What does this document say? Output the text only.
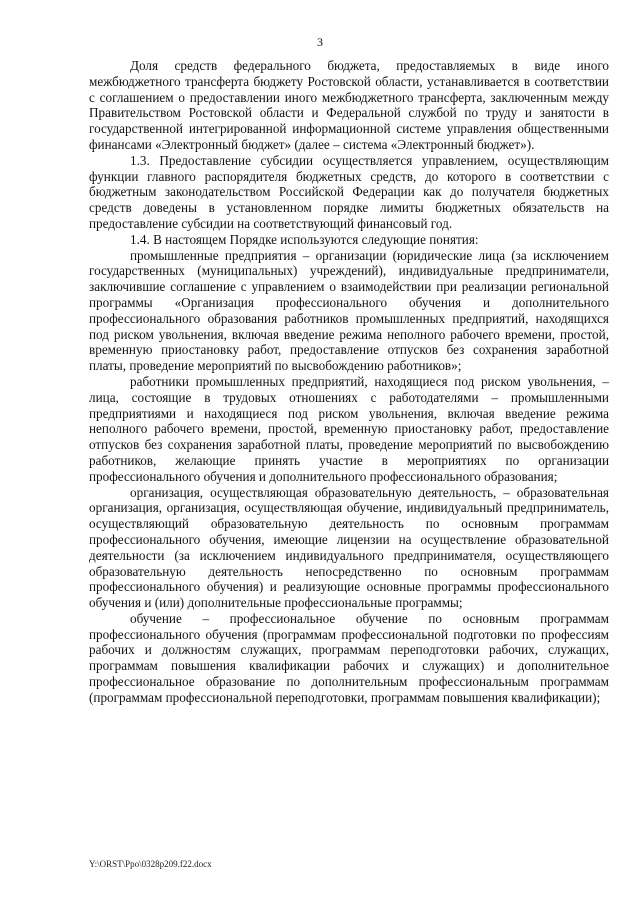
3

Доля средств федерального бюджета, предоставляемых в виде иного межбюджетного трансферта бюджету Ростовской области, устанавливается в соответствии с соглашением о предоставлении иного межбюджетного трансферта, заключенным между Правительством Ростовской области и Федеральной службой по труду и занятости в государственной интегрированной информационной системе управления общественными финансами «Электронный бюджет» (далее – система «Электронный бюджет»).

1.3. Предоставление субсидии осуществляется управлением, осуществляющим функции главного распорядителя бюджетных средств, до которого в соответствии с бюджетным законодательством Российской Федерации как до получателя бюджетных средств доведены в установленном порядке лимиты бюджетных обязательств на предоставление субсидии на соответствующий финансовый год.

1.4. В настоящем Порядке используются следующие понятия:

промышленные предприятия – организации (юридические лица (за исключением государственных (муниципальных) учреждений), индивидуальные предприниматели, заключившие соглашение с управлением о взаимодействии при реализации региональной программы «Организация профессионального обучения и дополнительного профессионального образования работников промышленных предприятий, находящихся под риском увольнения, включая введение режима неполного рабочего времени, простой, временную приостановку работ, предоставление отпусков без сохранения заработной платы, проведение мероприятий по высвобождению работников»;

работники промышленных предприятий, находящиеся под риском увольнения, – лица, состоящие в трудовых отношениях с работодателями – промышленными предприятиями и находящиеся под риском увольнения, включая введение режима неполного рабочего времени, простой, временную приостановку работ, предоставление отпусков без сохранения заработной платы, проведение мероприятий по высвобождению работников, желающие принять участие в мероприятиях по организации профессионального обучения и дополнительного профессионального образования;

организация, осуществляющая образовательную деятельность, – образовательная организация, организация, осуществляющая обучение, индивидуальный предприниматель, осуществляющий образовательную деятельность по основным программам профессионального обучения, имеющие лицензии на осуществление образовательной деятельности (за исключением индивидуального предпринимателя, осуществляющего образовательную деятельность непосредственно по основным программам профессионального обучения) и реализующие основные программы профессионального обучения и (или) дополнительные профессиональные программы;

обучение – профессиональное обучение по основным программам профессионального обучения (программам профессиональной подготовки по профессиям рабочих и должностям служащих, программам переподготовки рабочих, служащих, программам повышения квалификации рабочих и служащих) и дополнительное профессиональное образование по дополнительным профессиональным программам (программам профессиональной переподготовки, программам повышения квалификации);

Y:\ORST\Ppo\0328p209.f22.docx
